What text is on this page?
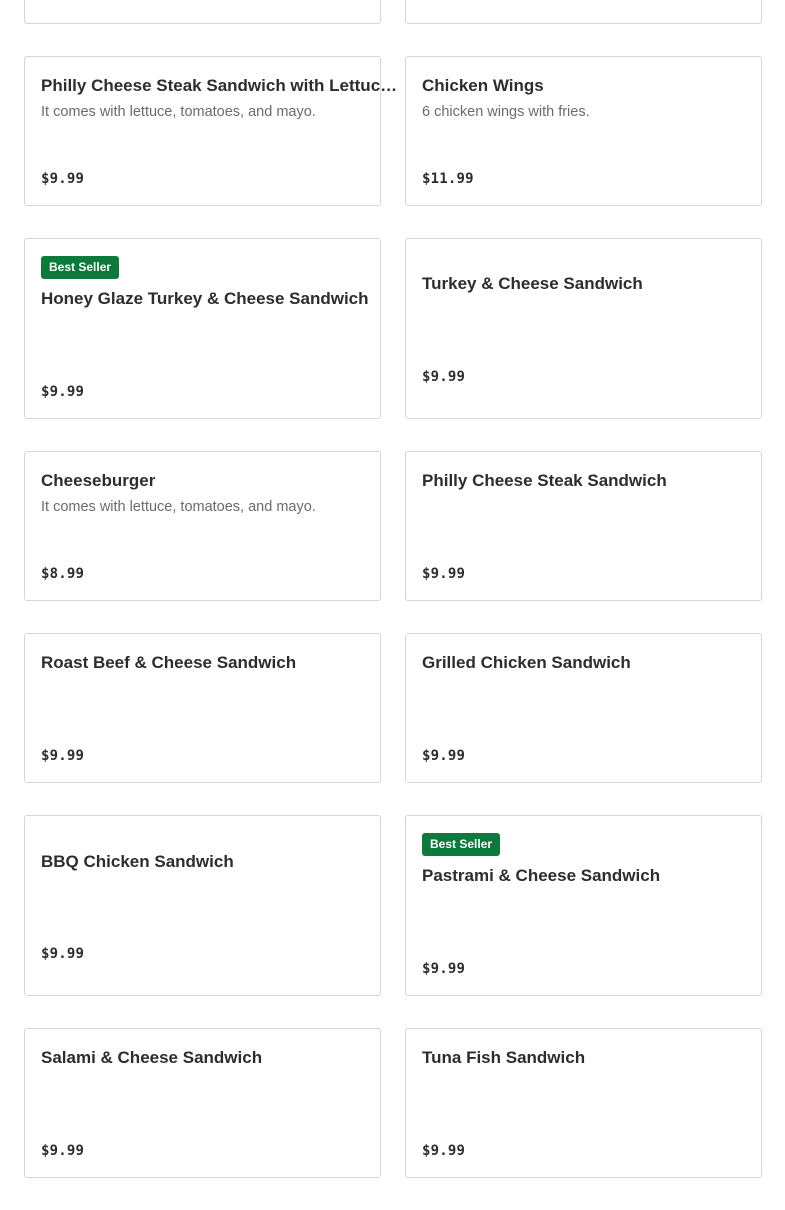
Philly Cheese Steak Sandwich with Lettuc…
It comes with lettuce, tomatoes, and mayo.
$9.99
Chicken Wings
6 chicken wings with fries.
$11.99
Best Seller
Honey Glaze Turkey & Cheese Sandwich
$9.99
Turkey & Cheese Sandwich
$9.99
Cheeseburger
It comes with lettuce, tomatoes, and mayo.
$8.99
Philly Cheese Steak Sandwich
$9.99
Roast Beef & Cheese Sandwich
$9.99
Grilled Chicken Sandwich
$9.99
BBQ Chicken Sandwich
$9.99
Best Seller
Pastrami & Cheese Sandwich
$9.99
Salami & Cheese Sandwich
$9.99
Tuna Fish Sandwich
$9.99
